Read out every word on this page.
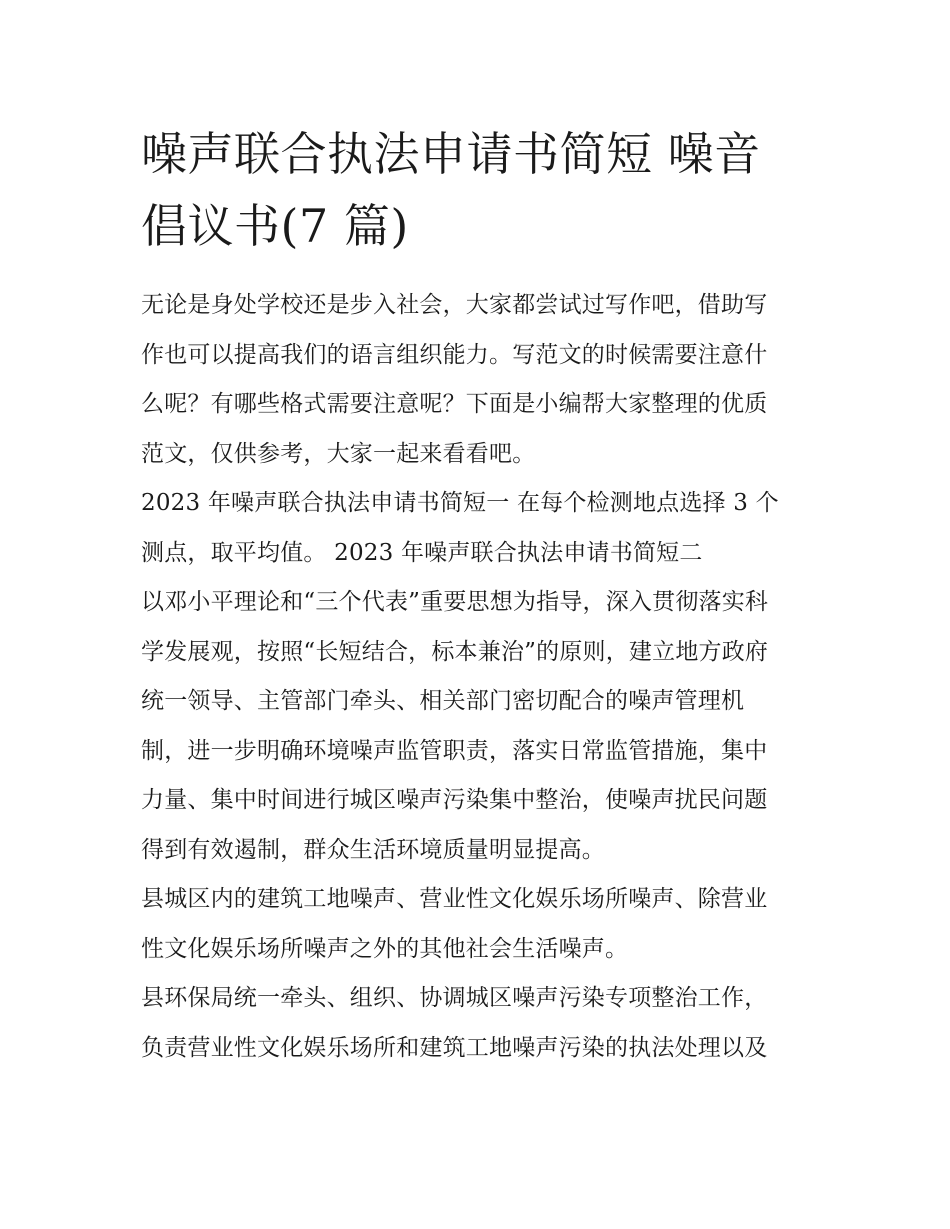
噪声联合执法申请书简短 噪音
倡议书(7 篇)
无论是身处学校还是步入社会，大家都尝试过写作吧，借助写
作也可以提高我们的语言组织能力。写范文的时候需要注意什
么呢？有哪些格式需要注意呢？下面是小编帮大家整理的优质
范文，仅供参考，大家一起来看看吧。
2023 年噪声联合执法申请书简短一 在每个检测地点选择 3 个
测点，取平均值。 2023 年噪声联合执法申请书简短二
以邓小平理论和“三个代表”重要思想为指导，深入贯彻落实科
学发展观，按照“长短结合，标本兼治”的原则，建立地方政府
统一领导、主管部门牵头、相关部门密切配合的噪声管理机
制，进一步明确环境噪声监管职责，落实日常监管措施，集中
力量、集中时间进行城区噪声污染集中整治，使噪声扰民问题
得到有效遏制，群众生活环境质量明显提高。
县城区内的建筑工地噪声、营业性文化娱乐场所噪声、除营业
性文化娱乐场所噪声之外的其他社会生活噪声。
县环保局统一牵头、组织、协调城区噪声污染专项整治工作，
负责营业性文化娱乐场所和建筑工地噪声污染的执法处理以及
